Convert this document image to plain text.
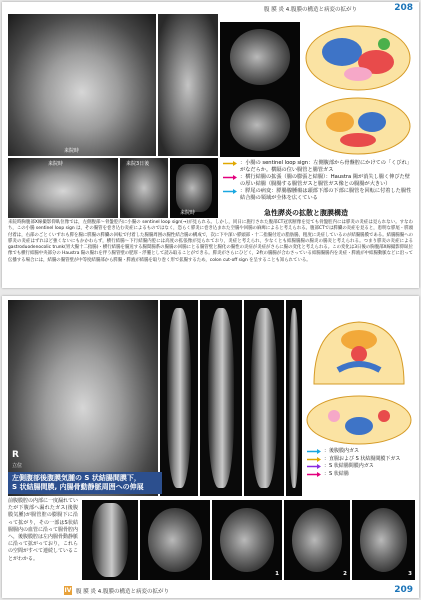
腹 膜 炎 4.腹膜の構造と病変の拡がり	208
来院時
来院時	来院3日後
来院時
：小腸の sentinel loop sign：左側腹部から骨盤腔にかけての「くびれ」がなだらか。横隔の位い腸管と腸管ガス
：横行結腸の拡張（腸の膨張と結腸）：Haustra 陽が消失し腸く伸びた壁の厚い結腸（腸腸する腸管ガスと腸管ガス像との腸腸が大きい）
：膵尾の病変：膵腸腺腫瘍は頭部下部の下部に腸管を回転に付着した腸性結合腸の領域が全体を広くている
急性膵炎の拡散と腹膜構造
来院時胸腹部X線撮影仰臥位像では，左側腹部～骨盤腔内に小腸の sentinel loop sign(→)が見られる。しかし，同日に施行された腹部CT冠状断像を見ても骨盤腔内には膵炎の炎症は見られない。すなわち，この小腸 sentinel loop sign は，その腸管を巻き込む炎症によるものではなく，恐らく膵炎に巻き込まれた空腸や回腸の麻痺によると考えられる。腹部CTでは膵臓の炎症を見ると，患明な膵尾・膵頭付着は，右部のごとくいずれも膵を腸に膵腸の膵臓の回転で付着した腸腸周囲の腸性結合腸の構成で，次に下や深い膵頭部・十二指腸付近の脂肪腸，粗度に炎症しているのが結腸腸膜である。結腸腸腸への膵炎の炎症はずれほど強くないにもかかわらず，横行結腸～下行結腸内腔には高度の拡張像が見られており，炎症と考えられ，少なくとも結腸腸腸の腸炎の腸炎と考えられる。つまり膵炎の炎症による gastroduodenocolic trunk(胃大腸十二指腸)・横行結腸を腸送する腸間腸系の腸腸の回腸にとる腸管壁と腸化の腸性の炎症が炎症がさらに腸の変化と考えられる。この変化は3日後の胸腹部X線撮影仰臥位像でも横行結腸中央部分の Haustra 陽の腸れを伴う腸管壁の肥厚・浮腫として読み取ることができる。膵炎がさらにひどく，2枚の腸腸が合わさっている結腸腸腸内を炎症・膵液が中結腸動脈などに沿って伝播する場合には，結腸の腸管壁が中等度結腸部から膵腸・膵液が結腸を取り巻く形で拡腸するため，colon cut-off sign を呈することも知られている。
R
立位
：後腹膜内ガス
：直腸および S 状結腸間膜下ガス
：S 状結腸間膜内ガス
：S 状結腸
左側腹部後腹膜気腫の S 状結腸間膜下，
S 状結腸間膜, 内腸骨動静脈周囲への伸展
前腹膜腔の内部に一度漏れていたが下腹部へ漏れたガス(後腹膜気腫)が腸管腔の膨腸下に沿って拡がり，その一部はS状結腸腸内の血管に沿って腸骨腔内へ，後腹膜腔は左内腸骨動静脈に沿って拡がっており，これらの空間がすべて連続していることがわかる。
1	2	3
IV 腹 膜 炎 4.腹膜の構造と病変の拡がり	209
